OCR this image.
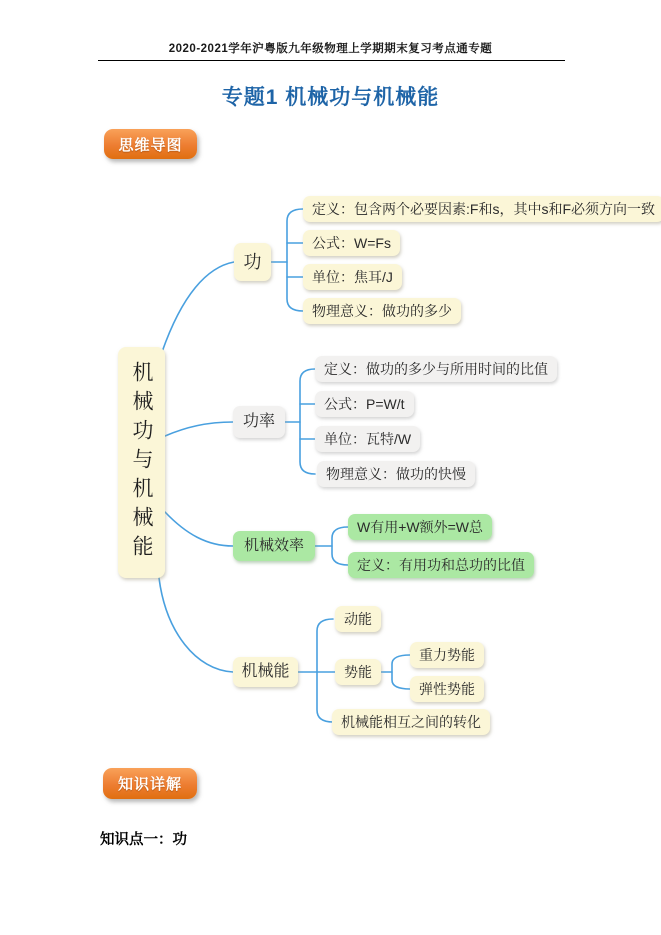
2020-2021学年沪粤版九年级物理上学期期末复习考点通专题
专题1 机械功与机械能
思维导图
机械功与机械能
功
定义：包含两个必要因素:F和s，其中s和F必须方向一致
公式：W=Fs
单位：焦耳/J
物理意义：做功的多少
功率
定义：做功的多少与所用时间的比值
公式：P=W/t
单位：瓦特/W
物理意义：做功的快慢
机械效率
W有用+W额外=W总
定义：有用功和总功的比值
机械能
动能
势能
重力势能
弹性势能
机械能相互之间的转化
知识详解
知识点一：功
